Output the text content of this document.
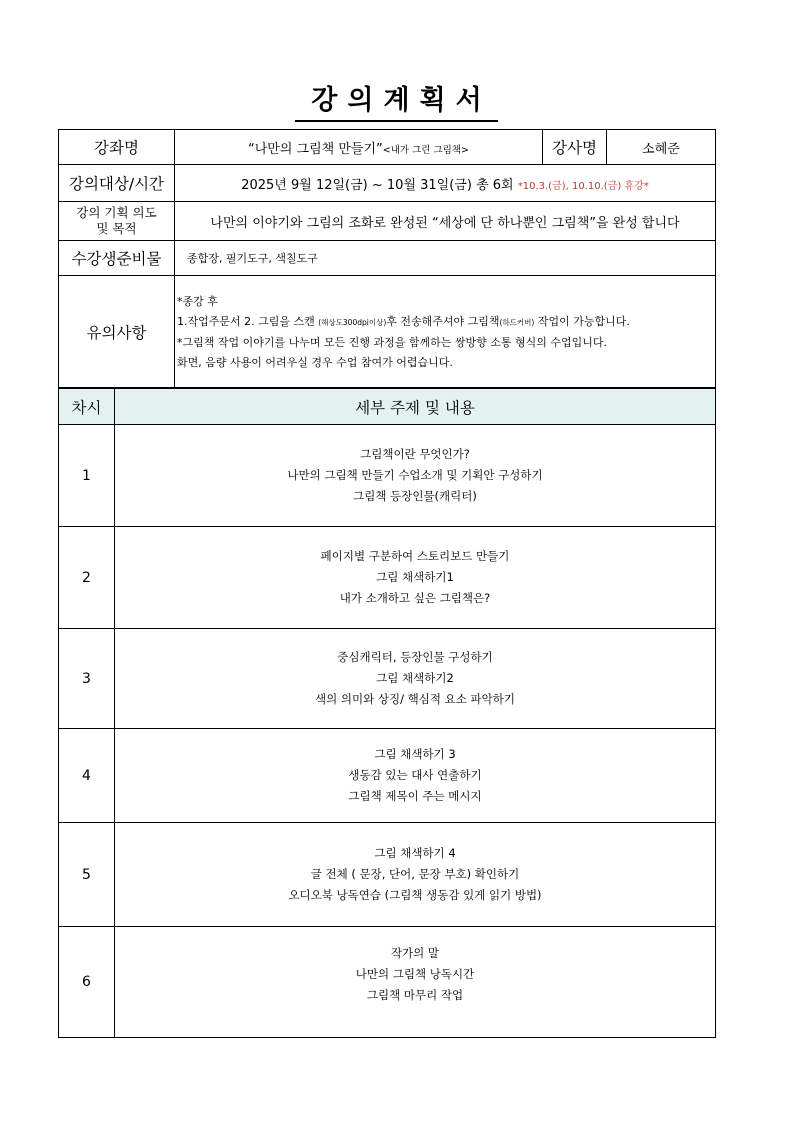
강의계획서
강좌명	“나만의 그림책 만들기”<내가 그린 그림책>	강사명	소혜준
강의대상/시간	2025년 9월 12일(금) ~ 10월 31일(금) 총 6회 *10.3.(금), 10.10.(금) 휴강*		

강의 기획 의도
및 목적	나만의 이야기와 그림의 조화로 완성된 “세상에 단 하나뿐인 그림책”을 완성 합니다		
수강생준비물	종합장, 필기도구, 색칠도구		
유의사항	*종강 후
1.작업주문서 2. 그림을 스캔 (해상도300dpi이상)후 전송해주셔야 그림책(하드커버) 작업이 가능합니다.
*그림책 작업 이야기를 나누며 모든 진행 과정을 함께하는 쌍방향 소통 형식의 수업입니다.
화면, 음량 사용이 어려우실 경우 수업 참여가 어렵습니다.		
차시	세부 주제 및 내용
1	그림책이란 무엇인가?
나만의 그림책 만들기 수업소개 및 기획안 구성하기
그림책 등장인물(캐릭터)

2	페이지별 구분하여 스토리보드 만들기
그림 채색하기1
내가 소개하고 싶은 그림책은?

3	중심캐릭터, 등장인물 구성하기
그림 채색하기2
색의 의미와 상징/ 핵심적 요소 파악하기

4	그림 채색하기 3
생동감 있는 대사 연출하기
그림책 제목이 주는 메시지

5	그림 채색하기 4
글 전체 ( 문장, 단어, 문장 부호) 확인하기
오디오북 낭독연습 (그림책 생동감 있게 읽기 방법)

6	작가의 말
나만의 그림책 낭독시간
그림책 마무리 작업
